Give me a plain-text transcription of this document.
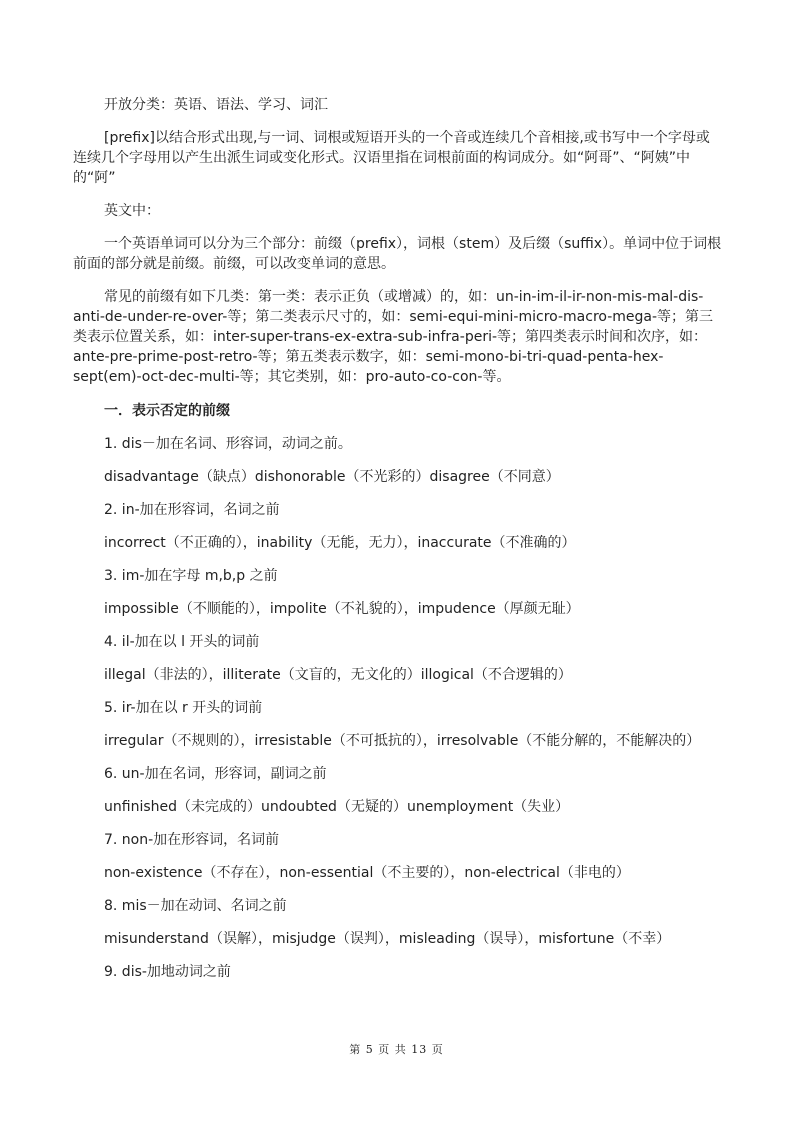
开放分类：英语、语法、学习、词汇

[prefix]以结合形式出现,与一词、词根或短语开头的一个音或连续几个音相接,或书写中一个字母或连续几个字母用以产生出派生词或变化形式。汉语里指在词根前面的构词成分。如“阿哥”、“阿姨”中的“阿”

英文中：

一个英语单词可以分为三个部分：前缀（prefix），词根（stem）及后缀（suffix）。单词中位于词根前面的部分就是前缀。前缀，可以改变单词的意思。

常见的前缀有如下几类：第一类：表示正负（或增减）的，如：un-in-im-il-ir-non-mis-mal-dis-anti-de-under-re-over-等；第二类表示尺寸的，如：semi-equi-mini-micro-macro-mega-等；第三类表示位置关系，如：inter-super-trans-ex-extra-sub-infra-peri-等；第四类表示时间和次序，如：ante-pre-prime-post-retro-等；第五类表示数字，如：semi-mono-bi-tri-quad-penta-hex-sept(em)-oct-dec-multi-等；其它类别，如：pro-auto-co-con-等。

一．表示否定的前缀

1. dis－加在名词、形容词，动词之前。

disadvantage（缺点）dishonorable（不光彩的）disagree（不同意）

2. in-加在形容词，名词之前

incorrect（不正确的），inability（无能，无力），inaccurate（不准确的）

3. im-加在字母 m,b,p 之前

impossible（不顺能的），impolite（不礼貌的），impudence（厚颜无耻）

4. il-加在以 l 开头的词前

illegal（非法的），illiterate（文盲的，无文化的）illogical（不合逻辑的）

5. ir-加在以 r 开头的词前

irregular（不规则的），irresistable（不可抵抗的），irresolvable（不能分解的，不能解决的）

6. un-加在名词，形容词，副词之前

unfinished（未完成的）undoubted（无疑的）unemployment（失业）

7. non-加在形容词，名词前

non-existence（不存在），non-essential（不主要的），non-electrical（非电的）

8. mis－加在动词、名词之前

misunderstand（误解），misjudge（误判），misleading（误导），misfortune（不幸）

9. dis-加地动词之前

第 5 页 共 13 页
